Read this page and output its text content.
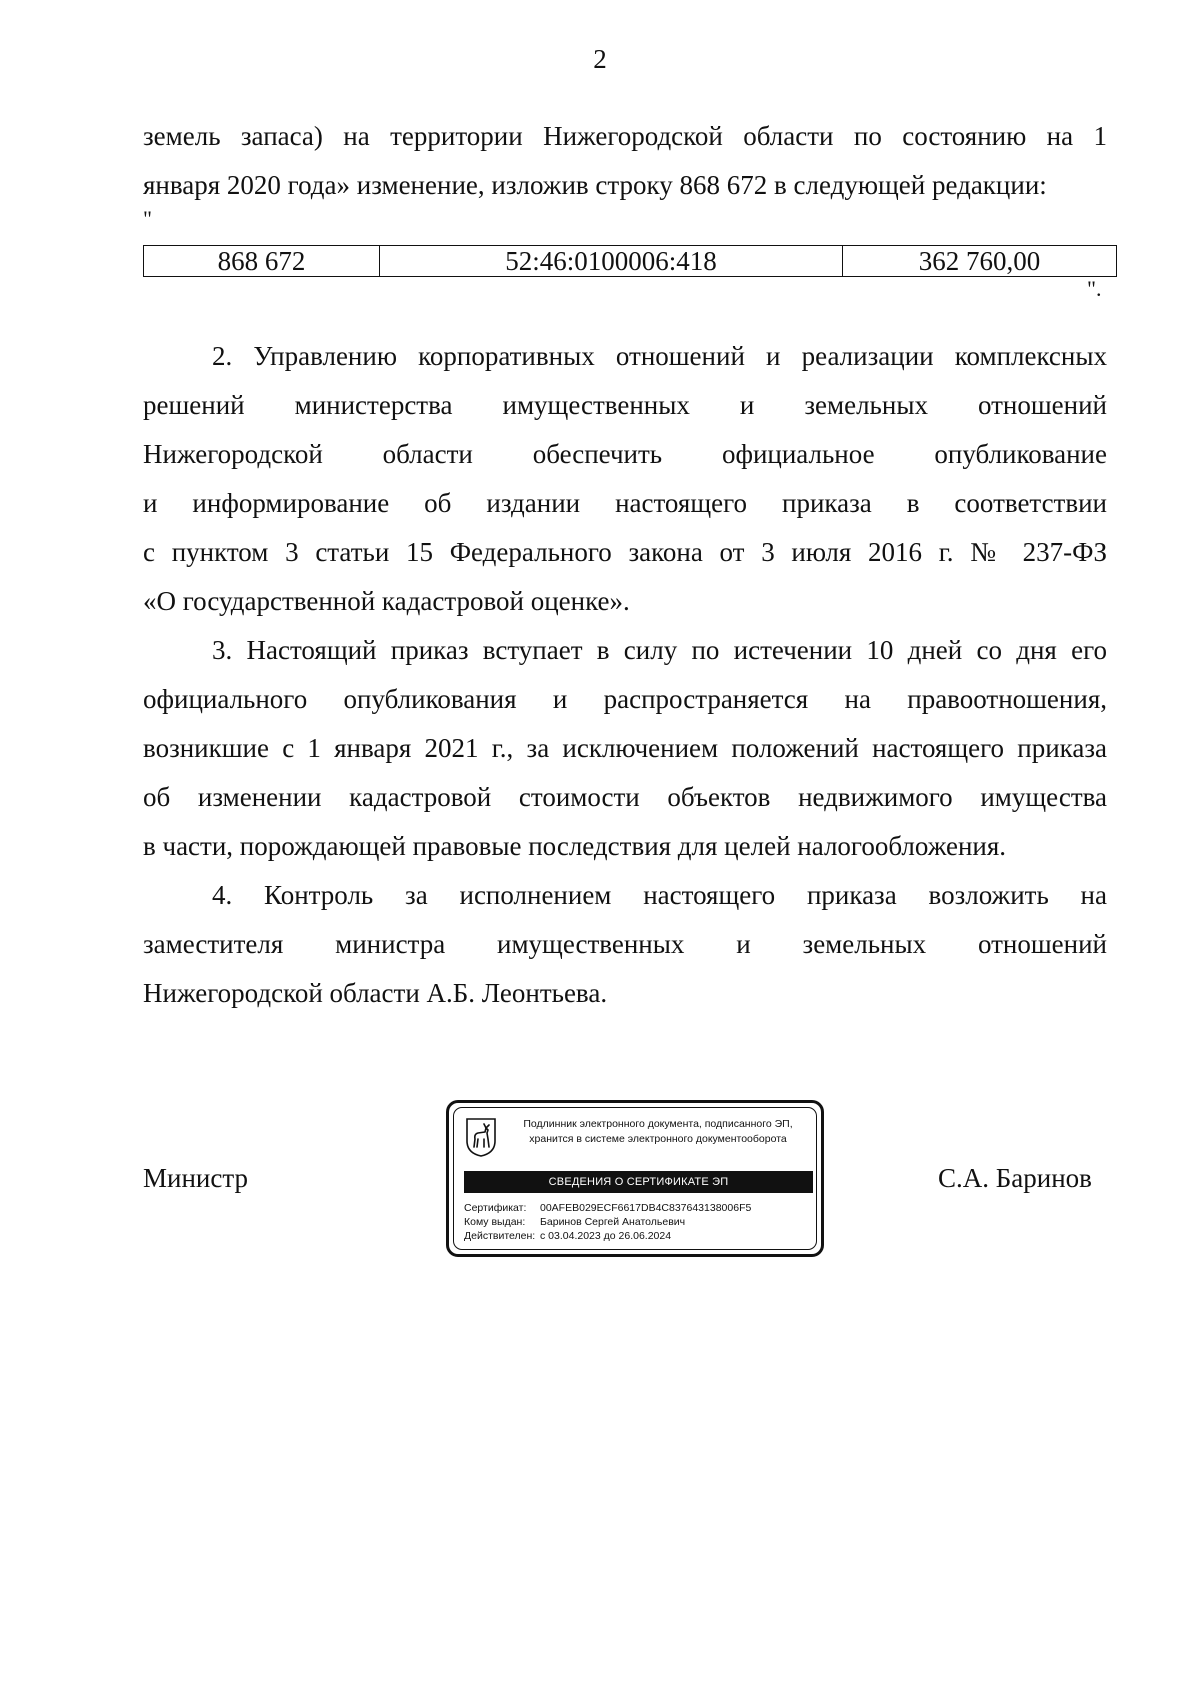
2
земель запаса) на территории Нижегородской области по состоянию на 1
января 2020 года» изменение, изложив строку 868 672 в следующей редакции:
"
868 672	52:46:0100006:418	362 760,00
".
2. Управлению корпоративных отношений и реализации комплексных
решений министерства имущественных и земельных отношений
Нижегородской области обеспечить официальное опубликование
и информирование об издании настоящего приказа в соответствии
с пунктом 3 статьи 15 Федерального закона от 3 июля 2016 г. № 237-ФЗ
«О государственной кадастровой оценке».
3. Настоящий приказ вступает в силу по истечении 10 дней со дня его
официального опубликования и распространяется на правоотношения,
возникшие с 1 января 2021 г., за исключением положений настоящего приказа
об изменении кадастровой стоимости объектов недвижимого имущества
в части, порождающей правовые последствия для целей налогообложения.
4. Контроль за исполнением настоящего приказа возложить на
заместителя министра имущественных и земельных отношений
Нижегородской области А.Б. Леонтьева.
Министр	С.А. Баринов
Подлинник электронного документа, подписанного ЭП,
хранится в системе электронного документооборота
СВЕДЕНИЯ О СЕРТИФИКАТЕ ЭП
Сертификат: 00AFEB029ECF6617DB4C837643138006F5
Кому выдан: Баринов Сергей Анатольевич
Действителен: с 03.04.2023 до 26.06.2024
